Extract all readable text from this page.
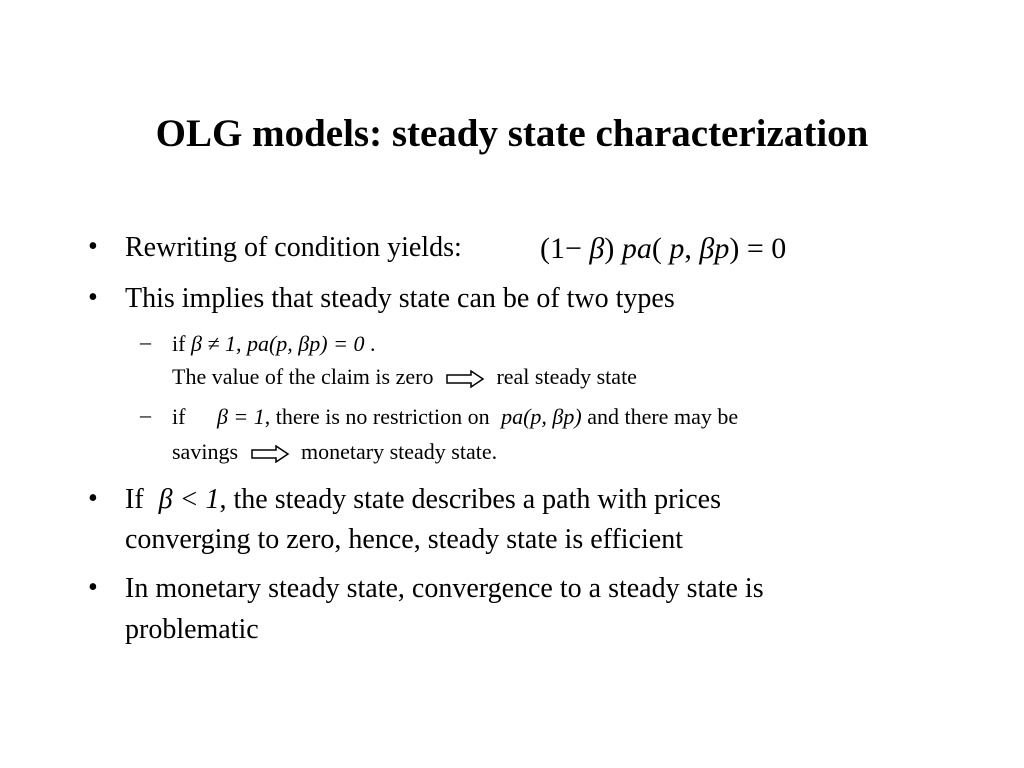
OLG models: steady state characterization
• Rewriting of condition yields:	(1− β) pa( p, βp) = 0
• This implies that steady state can be of two types
– if β ≠ 1, pa(p, βp) = 0 .
The value of the claim is zero	real steady state
– if β = 1, there is no restriction on pa(p, βp) and there may be
savings	monetary steady state.
• If β < 1, the steady state describes a path with prices
converging to zero, hence, steady state is efficient
• In monetary steady state, convergence to a steady state is
problematic
